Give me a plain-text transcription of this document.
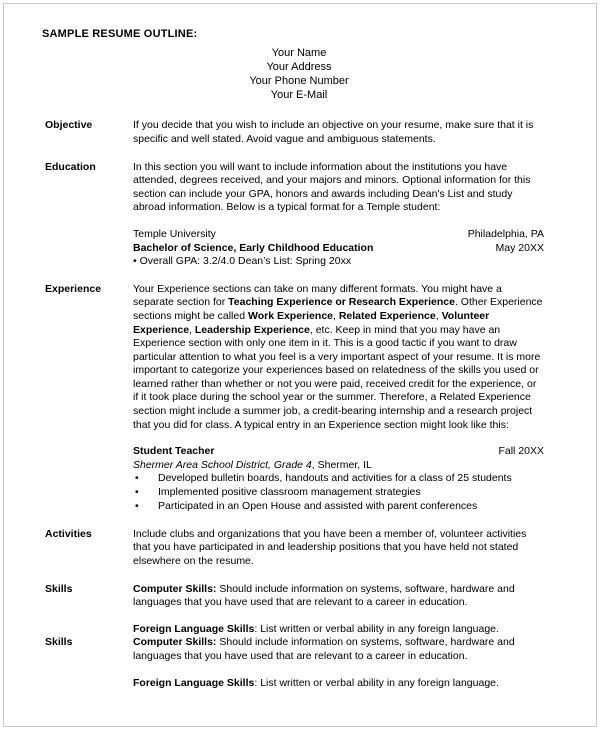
SAMPLE RESUME OUTLINE:
Your Name
Your Address
Your Phone Number
Your E-Mail
Objective	If you decide that you wish to include an objective on your resume, make sure that it is specific and well stated. Avoid vague and ambiguous statements.

Education	In this section you will want to include information about the institutions you have attended, degrees received, and your majors and minors. Optional information for this section can include your GPA, honors and awards including Dean's List and study abroad information. Below is a typical format for a Temple student:

Temple University	Philadelphia, PA
Bachelor of Science, Early Childhood Education	May 20XX
• Overall GPA: 3.2/4.0 Dean’s List: Spring 20xx
Experience	Your Experience sections can take on many different formats. You might have a separate section for Teaching Experience or Research Experience. Other Experience sections might be called Work Experience, Related Experience, Volunteer Experience, Leadership Experience, etc. Keep in mind that you may have an Experience section with only one item in it. This is a good tactic if you want to draw particular attention to what you feel is a very important aspect of your resume. It is more important to categorize your experiences based on relatedness of the skills you used or learned rather than whether or not you were paid, received credit for the experience, or if it took place during the school year or the summer. Therefore, a Related Experience section might include a summer job, a credit-bearing internship and a research project that you did for class. A typical entry in an Experience section might look like this:

Student Teacher	Fall 20XX
Shermer Area School District, Grade 4, Shermer, IL
• Developed bulletin boards, handouts and activities for a class of 25 students
• Implemented positive classroom management strategies
• Participated in an Open House and assisted with parent conferences
Activities	Include clubs and organizations that you have been a member of, volunteer activities that you have participated in and leadership positions that you have held not stated elsewhere on the resume.

Skills	Computer Skills: Should include information on systems, software, hardware and languages that you have used that are relevant to a career in education.

Foreign Language Skills: List written or verbal ability in any foreign language.

Skills	Computer Skills: Should include information on systems, software, hardware and languages that you have used that are relevant to a career in education.

Foreign Language Skills: List written or verbal ability in any foreign language.
